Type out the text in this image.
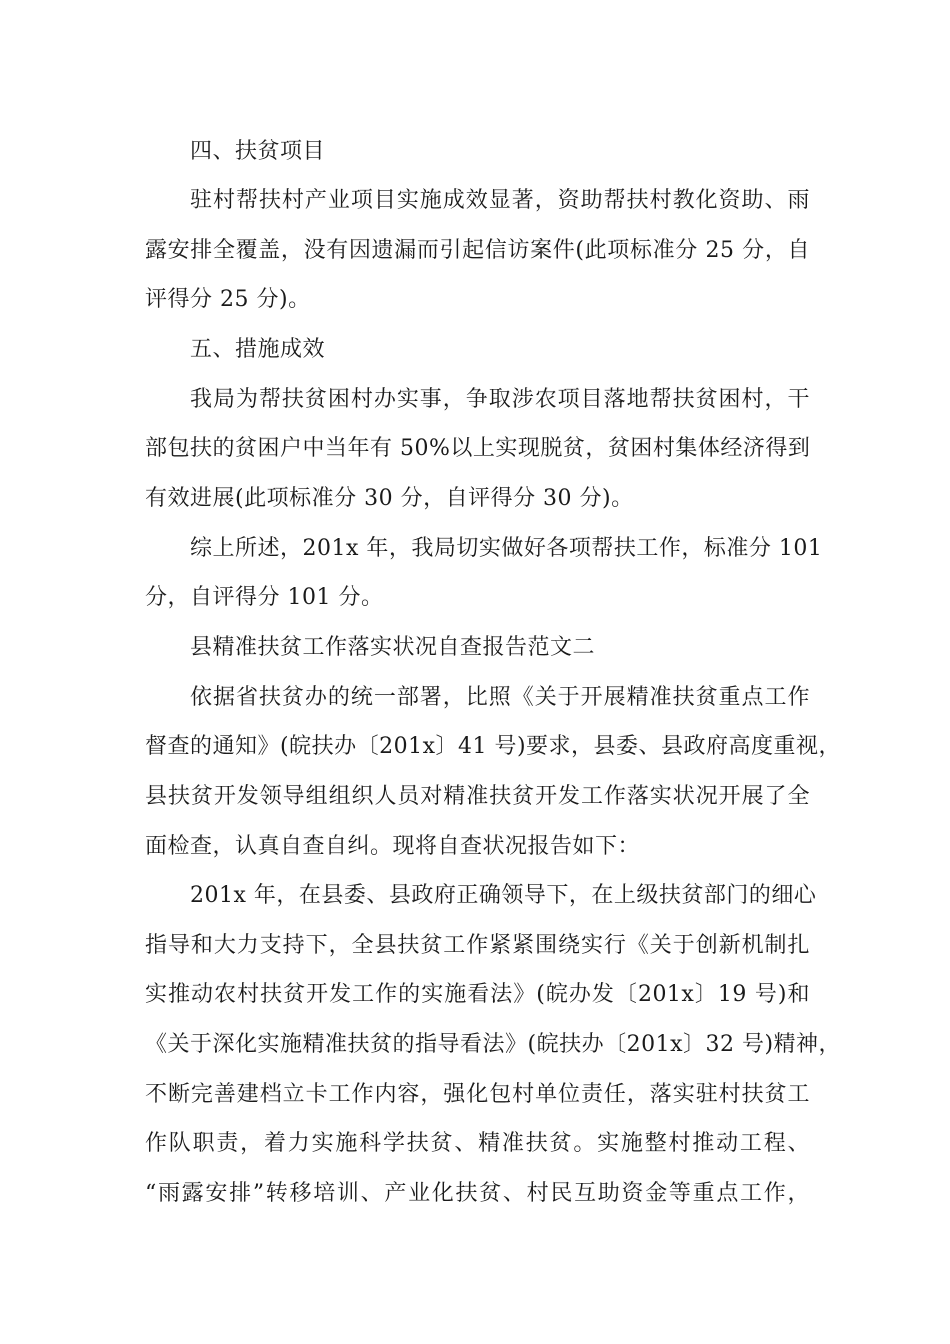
四、扶贫项目
驻村帮扶村产业项目实施成效显著，资助帮扶村教化资助、雨
露安排全覆盖，没有因遗漏而引起信访案件(此项标准分 25 分，自
评得分 25 分)。
五、措施成效
我局为帮扶贫困村办实事，争取涉农项目落地帮扶贫困村，干
部包扶的贫困户中当年有 50%以上实现脱贫，贫困村集体经济得到
有效进展(此项标准分 30 分，自评得分 30 分)。
综上所述，201x 年，我局切实做好各项帮扶工作，标准分 101
分，自评得分 101 分。
县精准扶贫工作落实状况自查报告范文二
依据省扶贫办的统一部署，比照《关于开展精准扶贫重点工作
督查的通知》(皖扶办〔201x〕41 号)要求，县委、县政府高度重视，
县扶贫开发领导组组织人员对精准扶贫开发工作落实状况开展了全
面检查，认真自查自纠。现将自查状况报告如下：
201x 年，在县委、县政府正确领导下，在上级扶贫部门的细心
指导和大力支持下，全县扶贫工作紧紧围绕实行《关于创新机制扎
实推动农村扶贫开发工作的实施看法》(皖办发〔201x〕19 号)和
《关于深化实施精准扶贫的指导看法》(皖扶办〔201x〕32 号)精神，
不断完善建档立卡工作内容，强化包村单位责任，落实驻村扶贫工
作队职责，着力实施科学扶贫、精准扶贫。实施整村推动工程、
“雨露安排”转移培训、产业化扶贫、村民互助资金等重点工作，
